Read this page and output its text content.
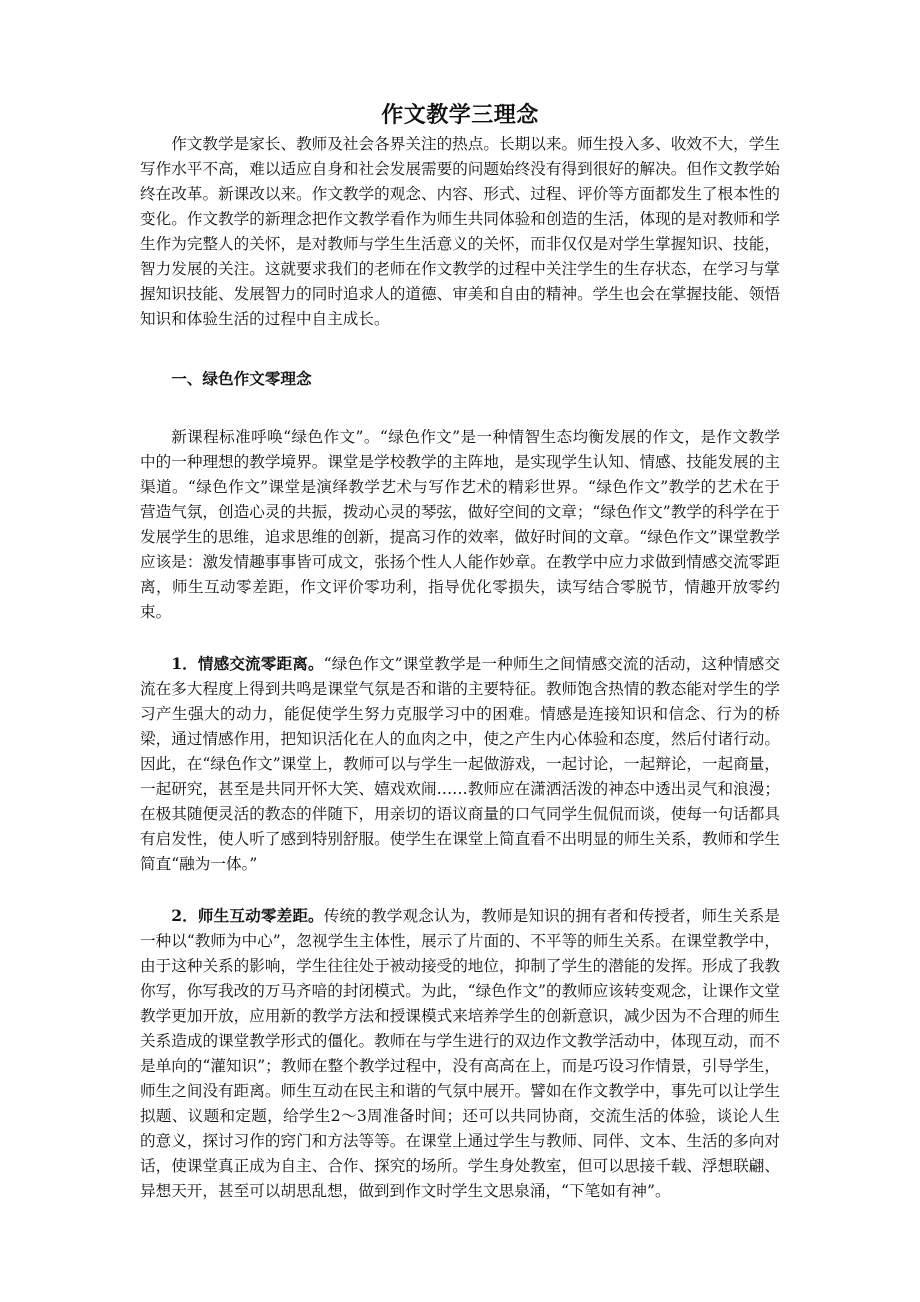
作文教学三理念

作文教学是家长、教师及社会各界关注的热点。长期以来。师生投入多、收效不大，学生写作水平不高，难以适应自身和社会发展需要的问题始终没有得到很好的解决。但作文教学始终在改革。新课改以来。作文教学的观念、内容、形式、过程、评价等方面都发生了根本性的变化。作文教学的新理念把作文教学看作为师生共同体验和创造的生活，体现的是对教师和学生作为完整人的关怀，是对教师与学生生活意义的关怀，而非仅仅是对学生掌握知识、技能，智力发展的关注。这就要求我们的老师在作文教学的过程中关注学生的生存状态，在学习与掌握知识技能、发展智力的同时追求人的道德、审美和自由的精神。学生也会在掌握技能、领悟知识和体验生活的过程中自主成长。

一、绿色作文零理念

新课程标准呼唤“绿色作文”。“绿色作文”是一种情智生态均衡发展的作文，是作文教学中的一种理想的教学境界。课堂是学校教学的主阵地，是实现学生认知、情感、技能发展的主渠道。“绿色作文”课堂是演绎教学艺术与写作艺术的精彩世界。“绿色作文”教学的艺术在于营造气氛，创造心灵的共振，拨动心灵的琴弦，做好空间的文章；“绿色作文”教学的科学在于发展学生的思维，追求思维的创新，提高习作的效率，做好时间的文章。“绿色作文”课堂教学应该是：激发情趣事事皆可成文，张扬个性人人能作妙章。在教学中应力求做到情感交流零距离，师生互动零差距，作文评价零功利，指导优化零损失，读写结合零脱节，情趣开放零约束。

1．情感交流零距离。“绿色作文”课堂教学是一种师生之间情感交流的活动，这种情感交流在多大程度上得到共鸣是课堂气氛是否和谐的主要特征。教师饱含热情的教态能对学生的学习产生强大的动力，能促使学生努力克服学习中的困难。情感是连接知识和信念、行为的桥梁，通过情感作用，把知识活化在人的血肉之中，使之产生内心体验和态度，然后付诸行动。因此，在“绿色作文”课堂上，教师可以与学生一起做游戏，一起讨论，一起辩论，一起商量，一起研究，甚至是共同开怀大笑、嬉戏欢闹……教师应在潇洒活泼的神态中透出灵气和浪漫；在极其随便灵活的教态的伴随下，用亲切的语议商量的口气同学生侃侃而谈，使每一句话都具有启发性，使人听了感到特别舒服。使学生在课堂上简直看不出明显的师生关系，教师和学生简直“融为一体。”

2．师生互动零差距。传统的教学观念认为，教师是知识的拥有者和传授者，师生关系是一种以“教师为中心”，忽视学生主体性，展示了片面的、不平等的师生关系。在课堂教学中，由于这种关系的影响，学生往往处于被动接受的地位，抑制了学生的潜能的发挥。形成了我教你写，你写我改的万马齐喑的封闭模式。为此，“绿色作文”的教师应该转变观念，让课作文堂教学更加开放，应用新的教学方法和授课模式来培养学生的创新意识，减少因为不合理的师生关系造成的课堂教学形式的僵化。教师在与学生进行的双边作文教学活动中，体现互动，而不是单向的“灌知识”；教师在整个教学过程中，没有高高在上，而是巧设习作情景，引导学生，师生之间没有距离。师生互动在民主和谐的气氛中展开。譬如在作文教学中，事先可以让学生拟题、议题和定题，给学生2～3周准备时间；还可以共同协商，交流生活的体验，谈论人生的意义，探讨习作的窍门和方法等等。在课堂上通过学生与教师、同伴、文本、生活的多向对话，使课堂真正成为自主、合作、探究的场所。学生身处教室，但可以思接千载、浮想联翩、异想天开，甚至可以胡思乱想，做到到作文时学生文思泉涌，“下笔如有神”。
